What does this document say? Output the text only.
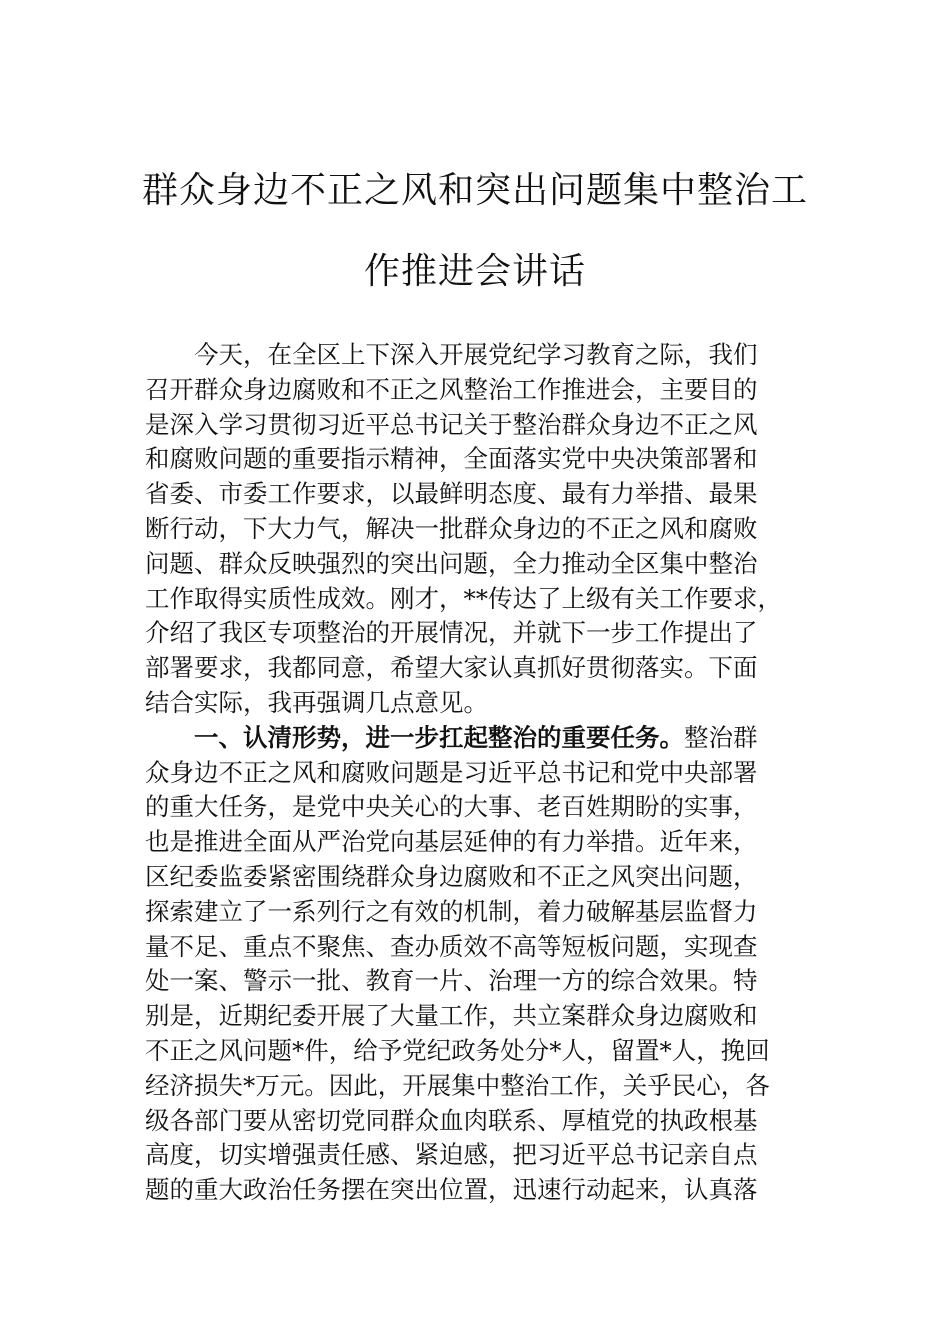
群众身边不正之风和突出问题集中整治工
作推进会讲话
今天，在全区上下深入开展党纪学习教育之际，我们
召开群众身边腐败和不正之风整治工作推进会，主要目的
是深入学习贯彻习近平总书记关于整治群众身边不正之风
和腐败问题的重要指示精神，全面落实党中央决策部署和
省委、市委工作要求，以最鲜明态度、最有力举措、最果
断行动，下大力气，解决一批群众身边的不正之风和腐败
问题、群众反映强烈的突出问题，全力推动全区集中整治
工作取得实质性成效。刚才，**传达了上级有关工作要求，
介绍了我区专项整治的开展情况，并就下一步工作提出了
部署要求，我都同意，希望大家认真抓好贯彻落实。下面
结合实际，我再强调几点意见。
一、认清形势，进一步扛起整治的重要任务。整治群
众身边不正之风和腐败问题是习近平总书记和党中央部署
的重大任务，是党中央关心的大事、老百姓期盼的实事，
也是推进全面从严治党向基层延伸的有力举措。近年来，
区纪委监委紧密围绕群众身边腐败和不正之风突出问题，
探索建立了一系列行之有效的机制，着力破解基层监督力
量不足、重点不聚焦、查办质效不高等短板问题，实现查
处一案、警示一批、教育一片、治理一方的综合效果。特
别是，近期纪委开展了大量工作，共立案群众身边腐败和
不正之风问题*件，给予党纪政务处分*人，留置*人，挽回
经济损失*万元。因此，开展集中整治工作，关乎民心，各
级各部门要从密切党同群众血肉联系、厚植党的执政根基
高度，切实增强责任感、紧迫感，把习近平总书记亲自点
题的重大政治任务摆在突出位置，迅速行动起来，认真落
